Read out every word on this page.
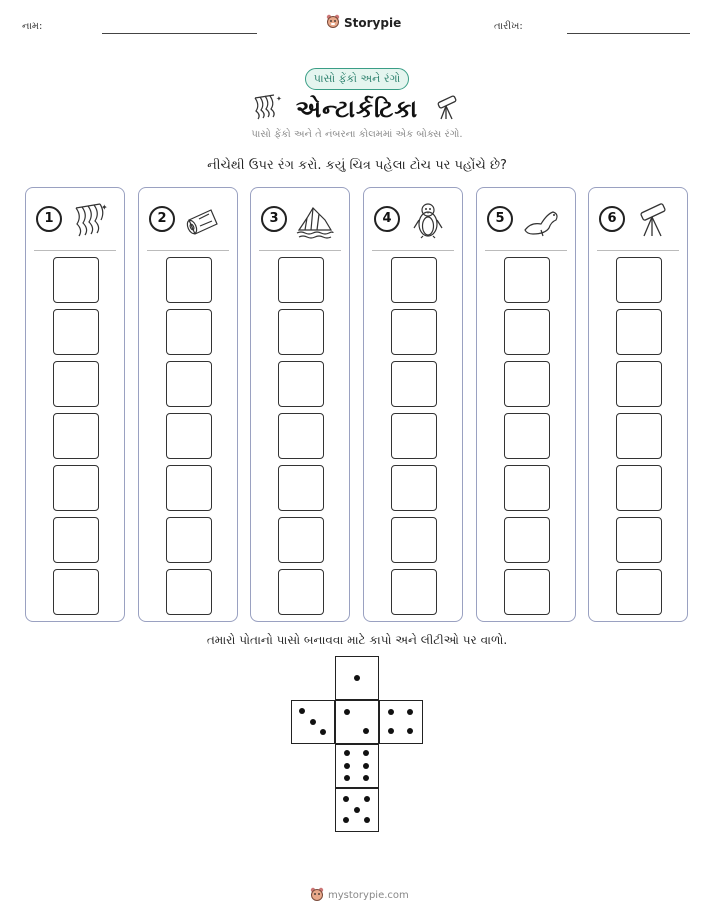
નામ:	Storypie	તારીખ:
પાસો ફેંકો અને રંગો
✦ એન્ટાર્કટિકા
પાસો ફેંકો અને તે નંબરના કોલમમાં એક બોક્સ રંગો.
નીચેથી ઉપર રંગ કરો. કયું ચિત્ર પહેલા ટોચ પર પહોંચે છે?
1
✦
2	3	4	5	6
તમારો પોતાનો પાસો બનાવવા માટે કાપો અને લીટીઓ પર વાળો.
mystorypie.com
